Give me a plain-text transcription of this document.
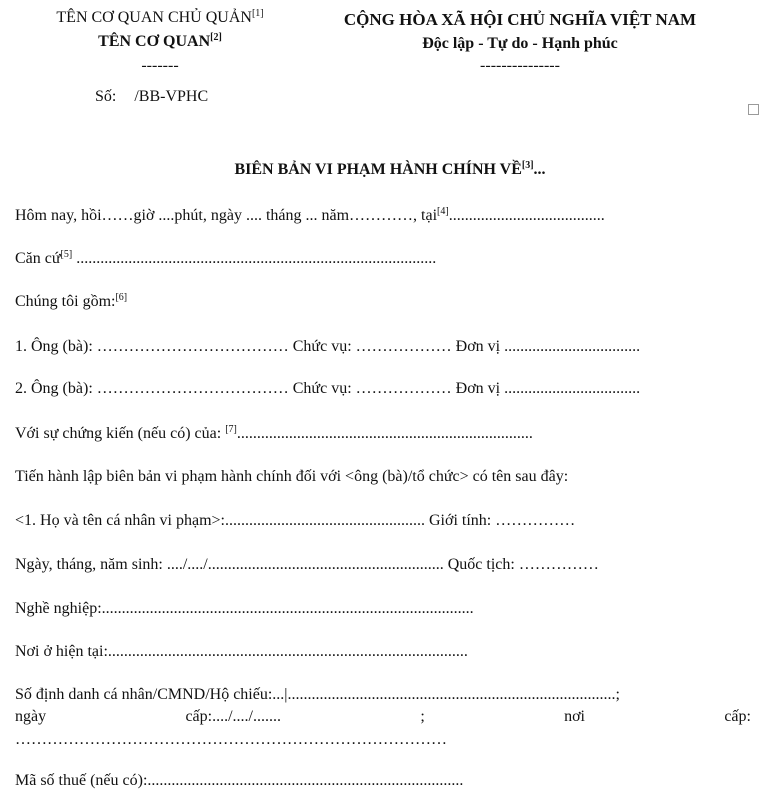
TÊN CƠ QUAN CHỦ QUẢN[1]
TÊN CƠ QUAN[2]
-------
Số: /BB-VPHC
CỘNG HÒA XÃ HỘI CHỦ NGHĨA VIỆT NAM
Độc lập - Tự do - Hạnh phúc
---------------
BIÊN BẢN VI PHẠM HÀNH CHÍNH VỀ[3]...
Hôm nay, hồi……giờ ....phút, ngày .... tháng ... năm…………, tại[4].......................................
Căn cứ[5] ..........................................................................................
Chúng tôi gồm:[6]
1. Ông (bà): ……………………………… Chức vụ: ……………… Đơn vị ..................................
2. Ông (bà): ……………………………… Chức vụ: ……………… Đơn vị ..................................
Với sự chứng kiến (nếu có) của: [7]..........................................................................
Tiến hành lập biên bản vi phạm hành chính đối với <ông (bà)/tổ chức> có tên sau đây:
<1. Họ và tên cá nhân vi phạm>:.................................................. Giới tính: ……………
Ngày, tháng, năm sinh: ..../..../........................................................... Quốc tịch: ……………
Nghề nghiệp:.............................................................................................
Nơi ở hiện tại:..........................................................................................
Số định danh cá nhân/CMND/Hộ chiếu:...|..................................................................................;
ngày	cấp:..../..../.......	;	nơi	cấp:
………………………………………………………………………
Mã số thuế (nếu có):...............................................................................
